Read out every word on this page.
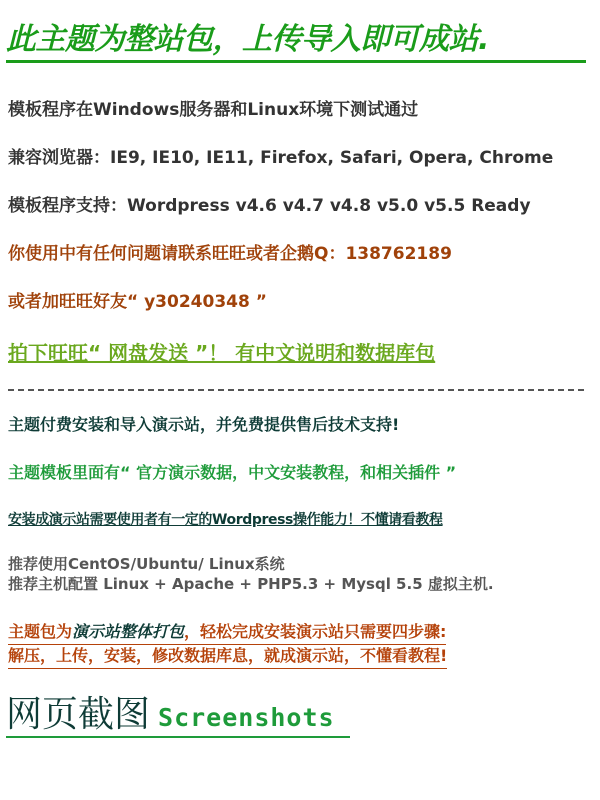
此主题为整站包，上传导入即可成站.
模板程序在Windows服务器和Linux环境下测试通过
兼容浏览器：IE9, IE10, IE11, Firefox, Safari, Opera, Chrome
模板程序支持：Wordpress v4.6 v4.7 v4.8 v5.0 v5.5 Ready
你使用中有任何问题请联系旺旺或者企鹅Q：138762189
或者加旺旺好友“ y30240348 ”
拍下旺旺“ 网盘发送 ”！ 有中文说明和数据库包
主题付费安装和导入演示站，并免费提供售后技术支持!
主题模板里面有“ 官方演示数据，中文安装教程，和相关插件 ”
安装成演示站需要使用者有一定的Wordpress操作能力！不懂请看教程
推荐使用CentOS/Ubuntu/ Linux系统
推荐主机配置 Linux + Apache + PHP5.3 + Mysql 5.5 虚拟主机.
主题包为演示站整体打包，轻松完成安装演示站只需要四步骤:
解压，上传，安装，修改数据库息，就成演示站，不懂看教程!
网页截图 Screenshots
